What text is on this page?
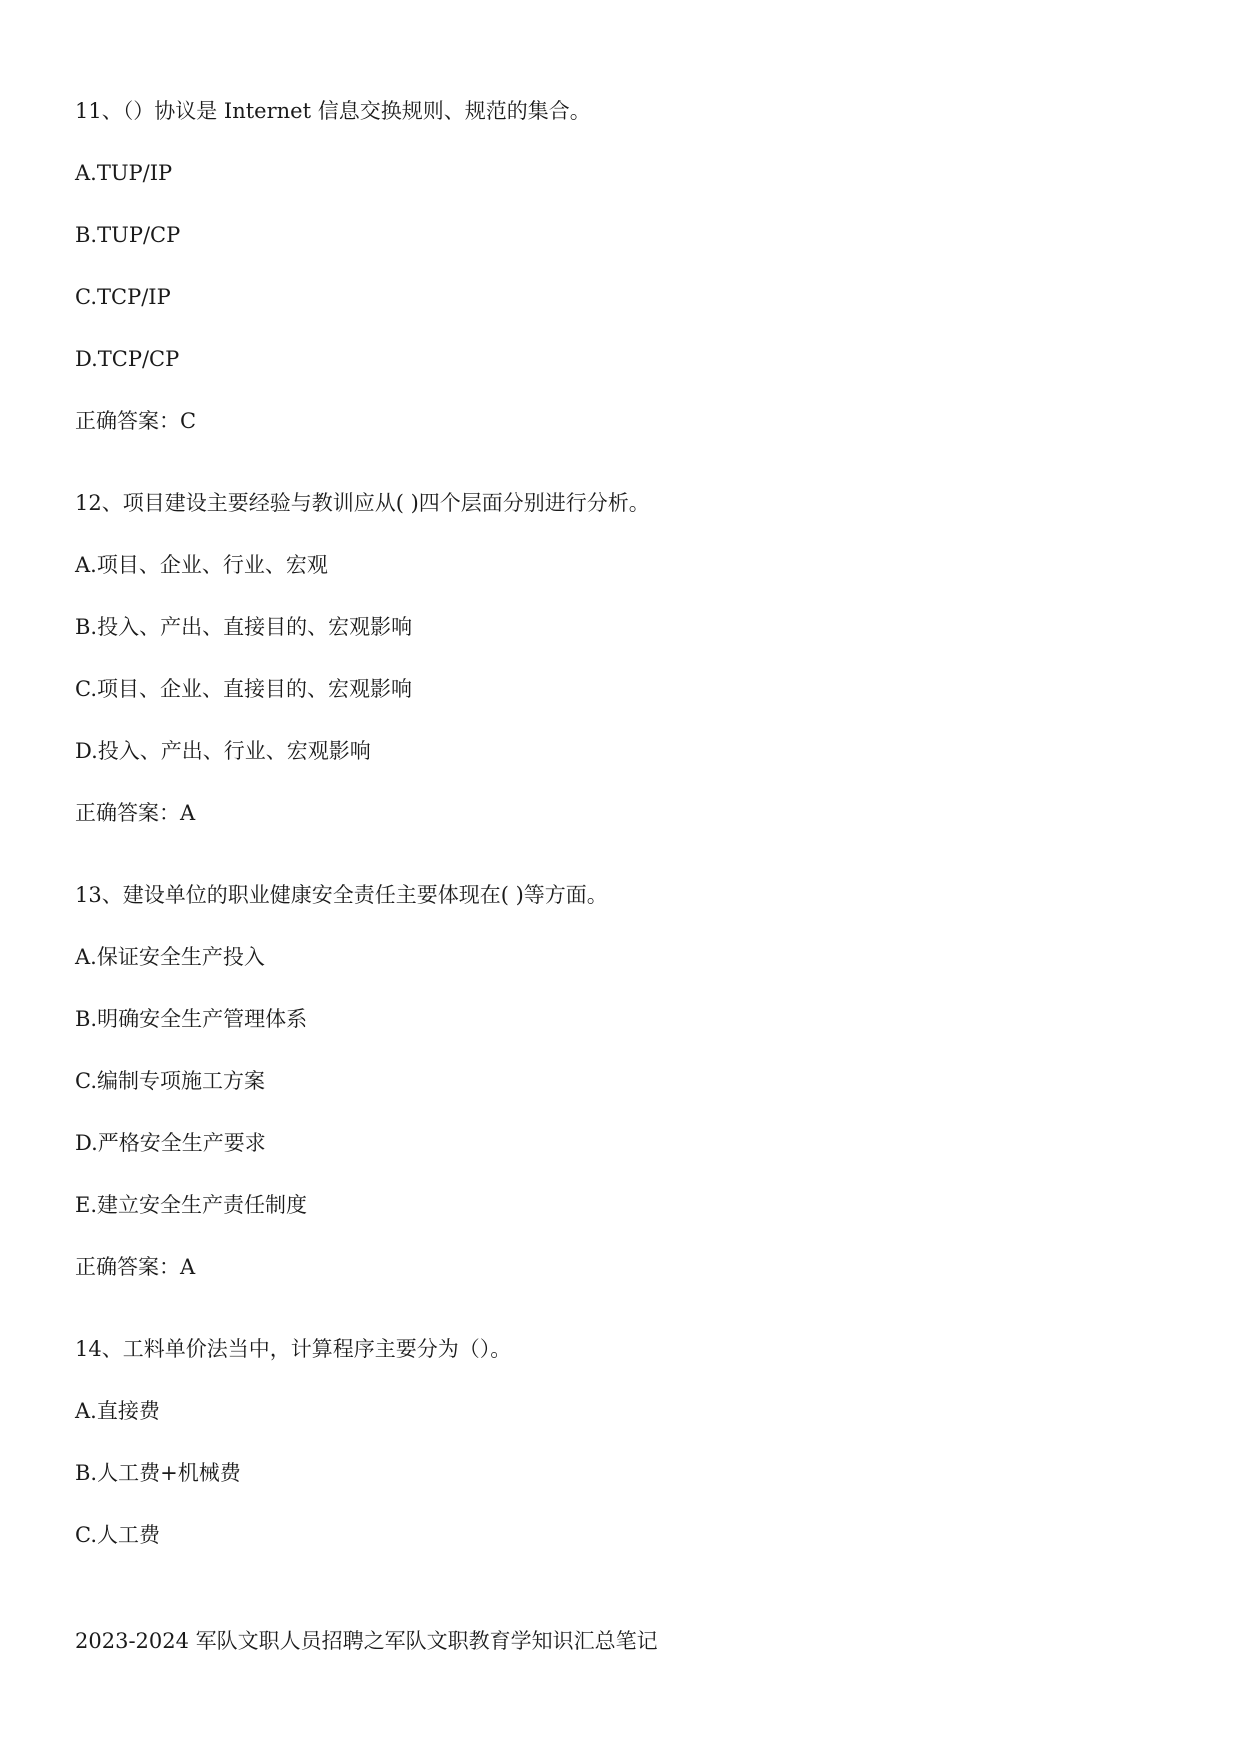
11、（）协议是 Internet 信息交换规则、规范的集合。
A.TUP/IP
B.TUP/CP
C.TCP/IP
D.TCP/CP
正确答案：C
12、项目建设主要经验与教训应从( )四个层面分别进行分析。
A.项目、企业、行业、宏观
B.投入、产出、直接目的、宏观影响
C.项目、企业、直接目的、宏观影响
D.投入、产出、行业、宏观影响
正确答案：A
13、建设单位的职业健康安全责任主要体现在( )等方面。
A.保证安全生产投入
B.明确安全生产管理体系
C.编制专项施工方案
D.严格安全生产要求
E.建立安全生产责任制度
正确答案：A
14、工料单价法当中，计算程序主要分为（）。
A.直接费
B.人工费+机械费
C.人工费
2023-2024 军队文职人员招聘之军队文职教育学知识汇总笔记
